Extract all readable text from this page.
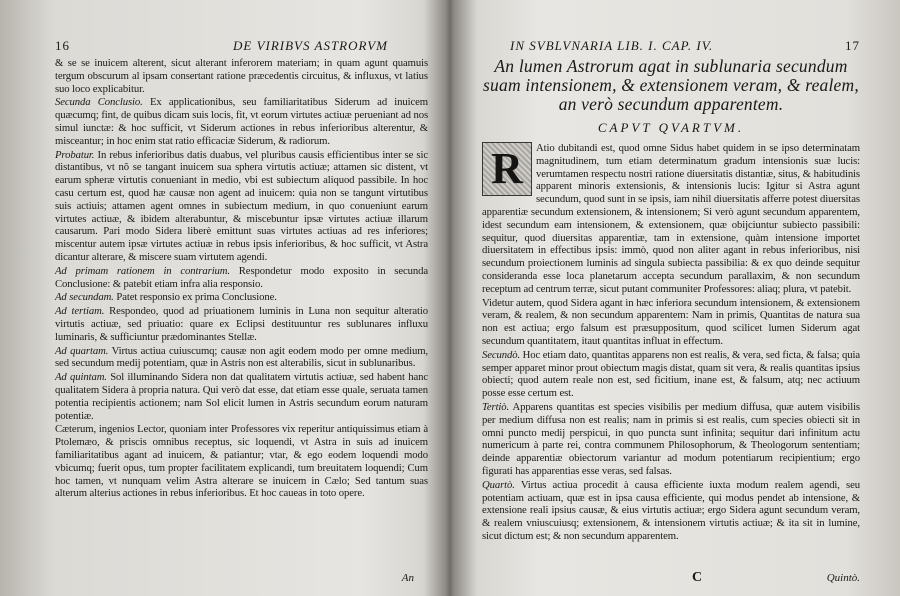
16	DE VIRIBVS ASTRORVM

& se se inuicem alterent, sicut alterant inferorem materiam; in quam agunt quamuis tergum obscurum al ipsam consertant ratione præcedentis circuitus, & influxus, vt latius suo loco explicabitur.

Secunda Conclusio. Ex applicationibus, seu familiaritatibus Siderum ad inuicem quæcumq; fint, de quibus dicam suis locis, fit, vt eorum virtutes actiuæ perueniant ad nos simul iunctæ: & hoc sufficit, vt Siderum actiones in rebus inferioribus alterentur, & misceantur; in hoc enim stat ratio efficaciæ Siderum, & radiorum.

Probatur. In rebus inferioribus datis duabus, vel pluribus causis efficientibus inter se sic distantibus, vt nõ se tangant inuicem sua sphera virtutis actiuæ; attamen sic distent, vt earum spheræ virtutis conueniant in medio, vbi est subiectum aliquod passibile. In hoc casu certum est, quod hæ causæ non agent ad inuicem: quia non se tangunt virtutibus suis actiuis; attamen agent omnes in subiectum medium, in quo conueniunt earum virtutes actiuæ, & ibidem alterabuntur, & miscebuntur ipsæ virtutes actiuæ illarum causarum. Pari modo Sidera liberè emittunt suas virtutes actiuas ad res inferiores; miscentur autem ipsæ virtutes actiuæ in rebus ipsis inferioribus, & hoc sufficit, vt Astra dicantur alterare, & miscere suam virtutem agendi.

Ad primam rationem in contrarium. Respondetur modo exposito in secunda Conclusione: & patebit etiam infra alia responsio.

Ad secundam. Patet responsio ex prima Conclusione.

Ad tertiam. Respondeo, quod ad priuationem luminis in Luna non sequitur alteratio virtutis actiuæ, sed priuatio: quare ex Eclipsi destituuntur res sublunares influxu luminaris, & sufficiuntur prædominantes Stellæ.

Ad quartam. Virtus actiua cuiuscumq; causæ non agit eodem modo per omne medium, sed secundum medij potentiam, quæ in Astris non est alterabilis, sicut in sublunaribus.

Ad quintam. Sol illuminando Sidera non dat qualitatem virtutis actiuæ, sed habent hanc qualitatem Sidera à propria natura. Qui verò dat esse, dat etiam esse quale, seruata tamen potentia recipientis actionem; nam Sol elicit lumen in Astris secundum eorum naturam potentiæ.

Cæterum, ingenios Lector, quoniam inter Professores vix reperitur antiquissimus etiam à Ptolemæo, & priscis omnibus receptus, sic loquendi, vt Astra in suis ad inuicem familiaritatibus agant ad inuicem, & patiantur; vtar, & ego eodem loquendi modo vbicumq; fuerit opus, tum propter facilitatem explicandi, tum breuitatem loquendi; Cum hoc tamen, vt nunquam velim Astra alterare se inuicem in Cælo; Sed tantum suas alterum alterius actiones in rebus inferioribus. Et hoc caueas in toto opere.

An
IN SVBLVNARIA LIB. I. CAP. IV.	17
An lumen Astrorum agat in sublunaria secundum suam intensionem, & extensionem veram, & realem, an verò secundum apparentem.
CAPVT QVARTVM.

R	Atio dubitandi est, quod omne Sidus habet quidem in se ipso determinatam magnitudinem, tum etiam determinatum gradum intensionis suæ lucis: verumtamen respectu nostri ratione diuersitatis distantiæ, situs, & habitudinis apparent minoris extensionis, & intensionis lucis: Igitur si Astra agunt secundum, quod sunt in se ipsis, iam nihil diuersitatis afferre potest diuersitas apparentiæ secundum extensionem, & intensionem; Si verò agunt secundum apparentem, idest secundum eam intensionem, & extensionem, quæ obijciuntur subiecto passibili: sequitur, quod diuersitas apparentiæ, tam in extensione, quàm intensione importet diuersitatem in effectibus ipsis: immò, quod non aliter agant in rebus inferioribus, nisi secundum proiectionem luminis ad singula subiecta passibilia: & ex quo deinde sequitur consideranda esse loca planetarum accepta secundum parallaxim, & non secundum receptum ad centrum terræ, sicut putant communiter Professores: aliaq; plura, vt patebit.

Videtur autem, quod Sidera agant in hæc inferiora secundum intensionem, & extensionem veram, & realem, & non secundum apparentem: Nam in primis, Quantitas de natura sua non est actiua; ergo falsum est præsuppositum, quod scilicet lumen Siderum agat secundum quantitatem, itaut quantitas influat in effectum.

Secundò. Hoc etiam dato, quantitas apparens non est realis, & vera, sed ficta, & falsa; quia semper apparet minor prout obiectum magis distat, quam sit vera, & realis quantitas ipsius obiecti; quod autem reale non est, sed ficitium, inane est, & falsum, atq; nec actiuum posse esse certum est.

Tertiò. Apparens quantitas est species visibilis per medium diffusa, quæ autem visibilis per medium diffusa non est realis; nam in primis si est realis, cum species obiecti sit in omni puncto medij perspicui, in quo puncta sunt infinita; sequitur dari infinitum actu numericum à parte rei, contra communem Philosophorum, & Theologorum sententiam; deinde apparentiæ obiectorum variantur ad modum potentiarum recipientium; ergo figurati has apparentias esse veras, sed falsas.

Quartò. Virtus actiua procedit à causa efficiente iuxta modum realem agendi, seu potentiam actiuam, quæ est in ipsa causa efficiente, qui modus pendet ab intensione, & extensione reali ipsius causæ, & eius virtutis actiuæ; ergo Sidera agunt secundum veram, & realem vniuscuiusq; extensionem, & intensionem virtutis actiuæ; & ita sit in lumine, sicut dictum est; & non secundum apparentem.

C	Quintò.
